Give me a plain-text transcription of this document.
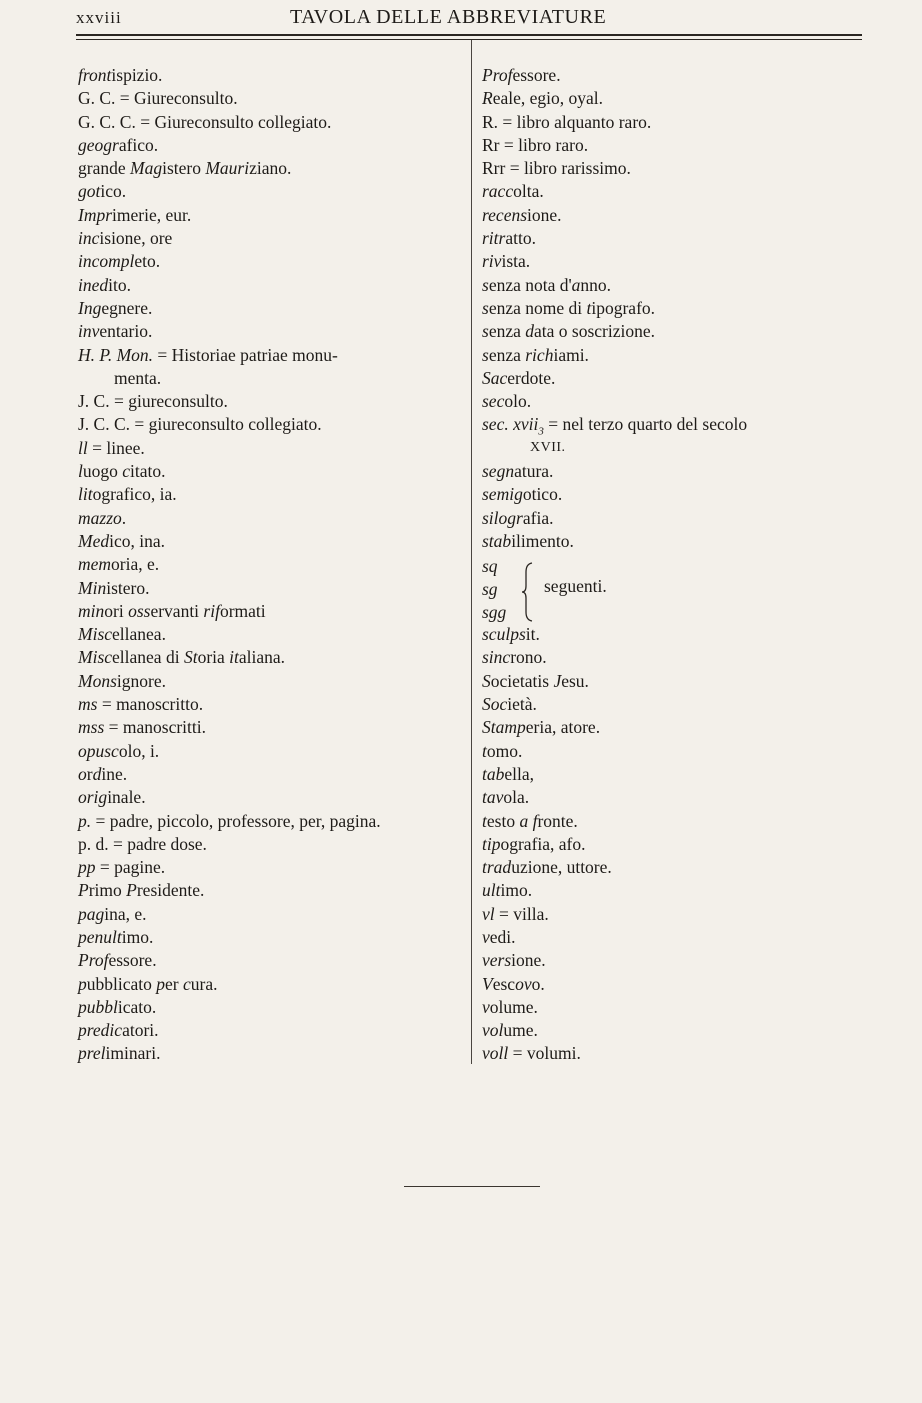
xxviii	TAVOLA DELLE ABBREVIATURE
frontispizio.
G. C. = Giureconsulto.
G. C. C. = Giureconsulto collegiato.
geografico.
grande Magistero Mauriziano.
gotico.
Imprimerie, eur.
incisione, ore
incompleto.
inedito.
Ingegnere.
inventario.
H. P. Mon. = Historiae patriae monu-
menta.
J. C. = giureconsulto.
J. C. C. = giureconsulto collegiato.
ll = linee.
luogo citato.
litografico, ia.
mazzo.
Medico, ina.
memoria, e.
Ministero.
minori osservanti riformati
Miscellanea.
Miscellanea di Storia italiana.
Monsignore.
ms = manoscritto.
mss = manoscritti.
opuscolo, i.
ordine.
originale.
p. = padre, piccolo, professore, per, pagina.
p. d. = padre dose.
pp = pagine.
Primo Presidente.
pagina, e.
penultimo.
Professore.
pubblicato per cura.
pubblicato.
predicatori.
preliminari.
Professore.
Reale, egio, oyal.
R. = libro alquanto raro.
Rr = libro raro.
Rrr = libro rarissimo.
raccolta.
recensione.
ritratto.
rivista.
senza nota d'anno.
senza nome di tipografo.
senza data o soscrizione.
senza richiami.
Sacerdote.
secolo.
sec. xvii$_3$ = nel terzo quarto del secolo
XVII.
segnatura.
semigotico.
silografia.
stabilimento.
sculpsit.
sincrono.
Societatis Jesu.
Società.
Stamperia, atore.
tomo.
tabella,
tavola.
testo a fronte.
tipografia, afo.
traduzione, uttore.
ultimo.
vl = villa.
vedi.
versione.
Vescovo.
volume.
volume.
voll = volumi.
sq
sg
sgg
seguenti.
